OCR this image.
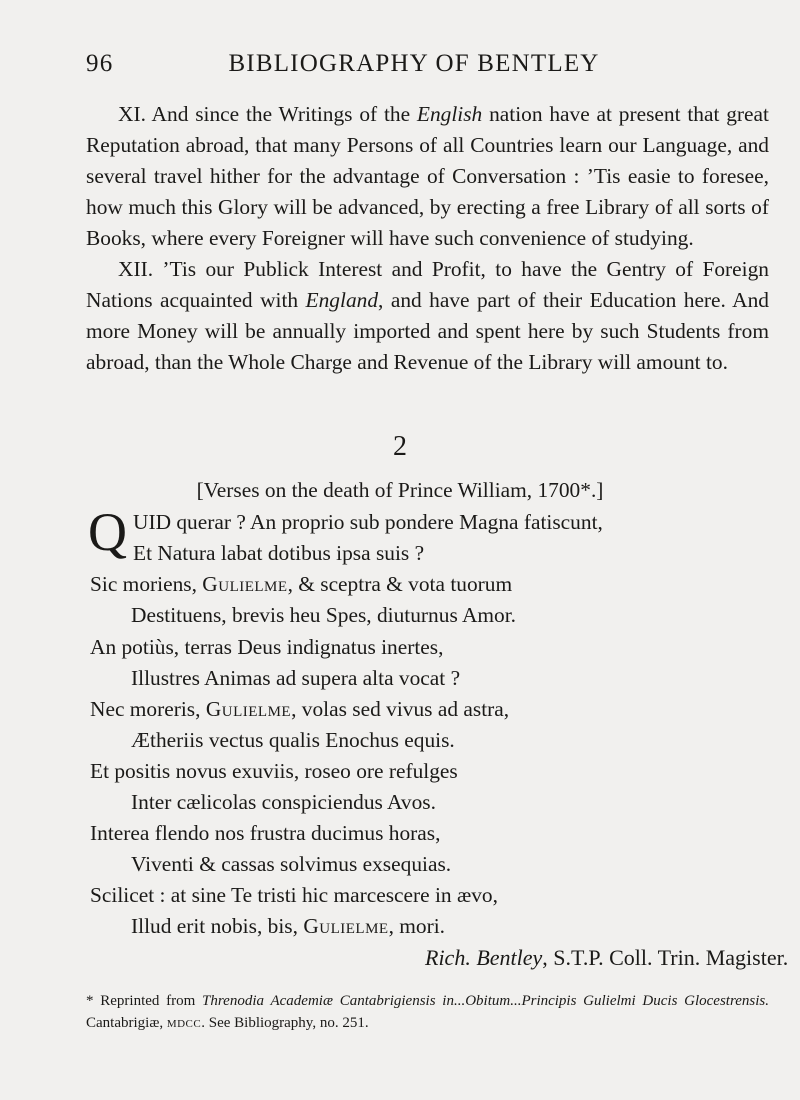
96	BIBLIOGRAPHY OF BENTLEY

XI. And since the Writings of the English nation have at present that great Reputation abroad, that many Persons of all Countries learn our Language, and several travel hither for the advantage of Conversation : ’Tis easie to foresee, how much this Glory will be advanced, by erecting a free Library of all sorts of Books, where every Foreigner will have such convenience of studying.

XII. ’Tis our Publick Interest and Profit, to have the Gentry of Foreign Nations acquainted with England, and have part of their Education here. And more Money will be annually imported and spent here by such Students from abroad, than the Whole Charge and Revenue of the Library will amount to.

2
[Verses on the death of Prince William, 1700*.]
Q UID querar ? An proprio sub pondere Magna fatiscunt,
Et Natura labat dotibus ipsa suis ?
Sic moriens, Gulielme, & sceptra & vota tuorum
Destituens, brevis heu Spes, diuturnus Amor.
An potiùs, terras Deus indignatus inertes,
Illustres Animas ad supera alta vocat ?
Nec moreris, Gulielme, volas sed vivus ad astra,
Ætheriis vectus qualis Enochus equis.
Et positis novus exuviis, roseo ore refulges
Inter cælicolas conspiciendus Avos.
Interea flendo nos frustra ducimus horas,
Viventi & cassas solvimus exsequias.
Scilicet : at sine Te tristi hic marcescere in ævo,
Illud erit nobis, bis, Gulielme, mori.
Rich. Bentley, S.T.P. Coll. Trin. Magister.
* Reprinted from Threnodia Academiæ Cantabrigiensis in...Obitum...Principis Gulielmi Ducis Glocestrensis. Cantabrigiæ, mdcc. See Bibliography, no. 251.
